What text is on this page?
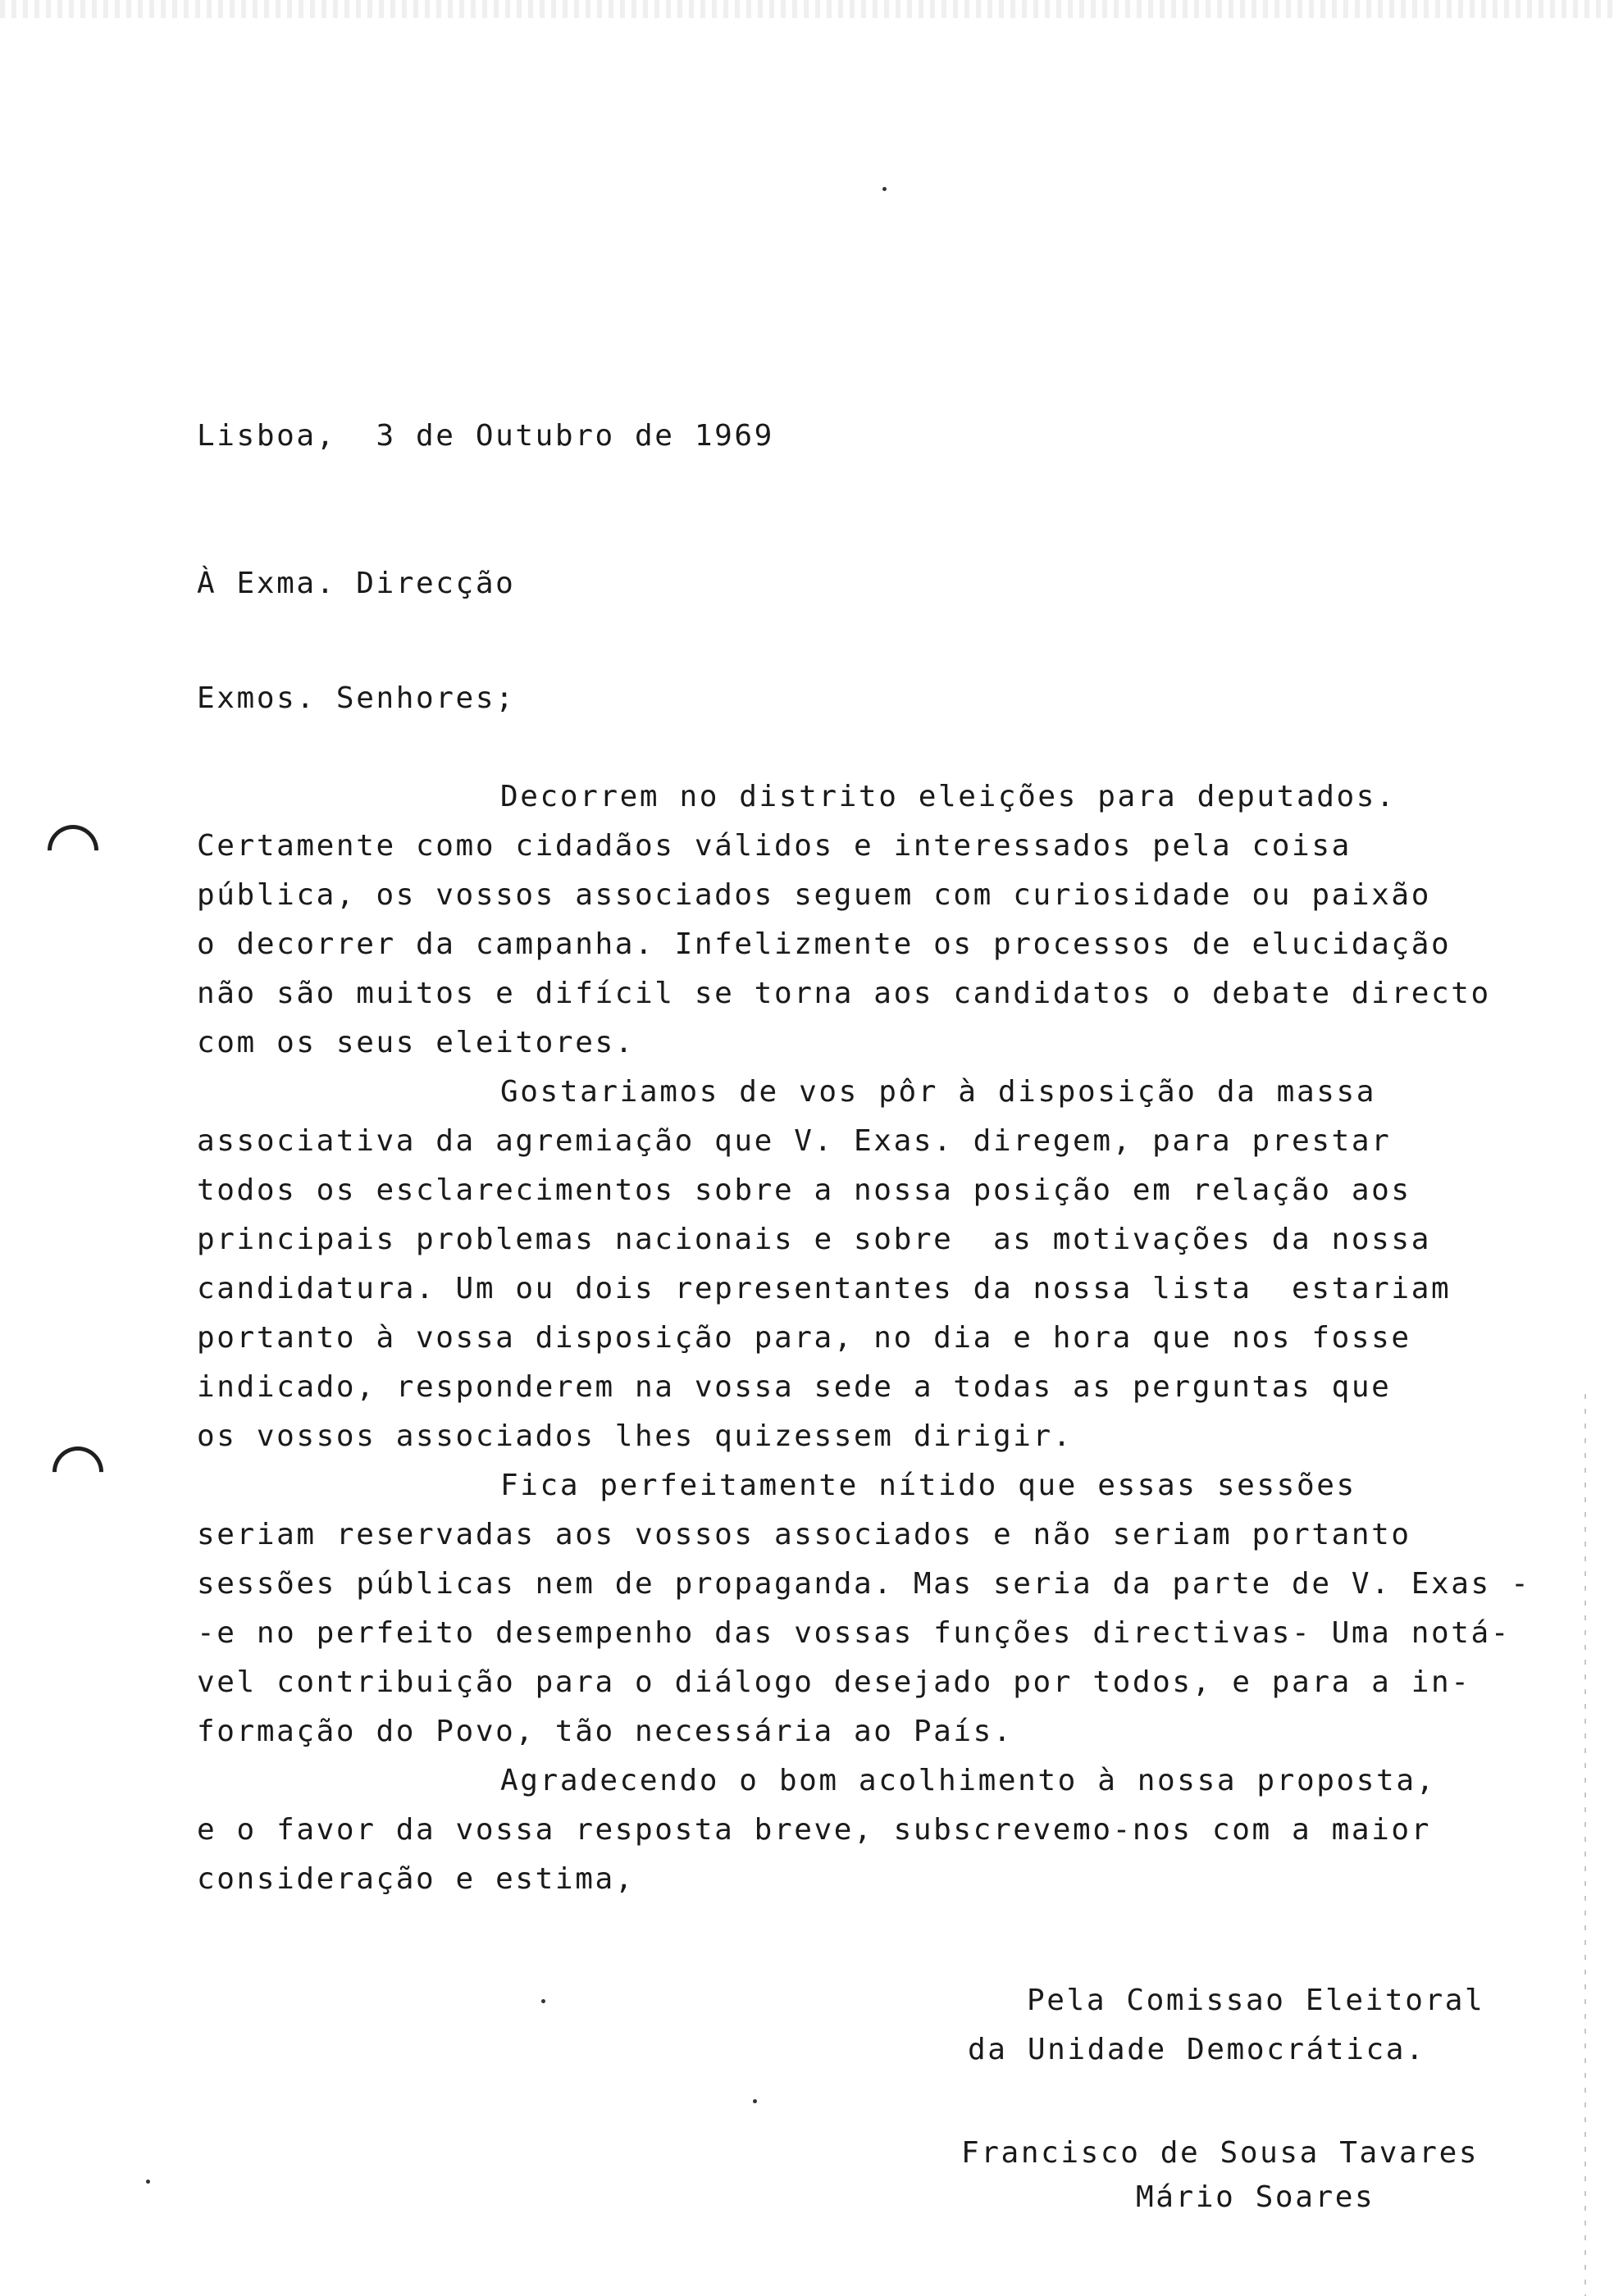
Lisboa,  3 de Outubro de 1969

À Exma. Direcção

Exmos. Senhores;

Decorrem no distrito eleições para deputados.

Certamente como cidadãos válidos e interessados pela coisa

pública, os vossos associados seguem com curiosidade ou paixão

o decorrer da campanha. Infelizmente os processos de elucidação

não são muitos e difícil se torna aos candidatos o debate directo

com os seus eleitores.

Gostariamos de vos pôr à disposição da massa

associativa da agremiação que V. Exas. diregem, para prestar

todos os esclarecimentos sobre a nossa posição em relação aos

principais problemas nacionais e sobre  as motivações da nossa

candidatura. Um ou dois representantes da nossa lista  estariam

portanto à vossa disposição para, no dia e hora que nos fosse

indicado, responderem na vossa sede a todas as perguntas que

os vossos associados lhes quizessem dirigir.

Fica perfeitamente nítido que essas sessões

seriam reservadas aos vossos associados e não seriam portanto

sessões públicas nem de propaganda. Mas seria da parte de V. Exas -

-e no perfeito desempenho das vossas funções directivas- Uma notá-

vel contribuição para o diálogo desejado por todos, e para a in-

formação do Povo, tão necessária ao País.

Agradecendo o bom acolhimento à nossa proposta,

e o favor da vossa resposta breve, subscrevemo-nos com a maior

consideração e estima,

Pela Comissao Eleitoral

da Unidade Democrática.

Francisco de Sousa Tavares

Mário Soares
